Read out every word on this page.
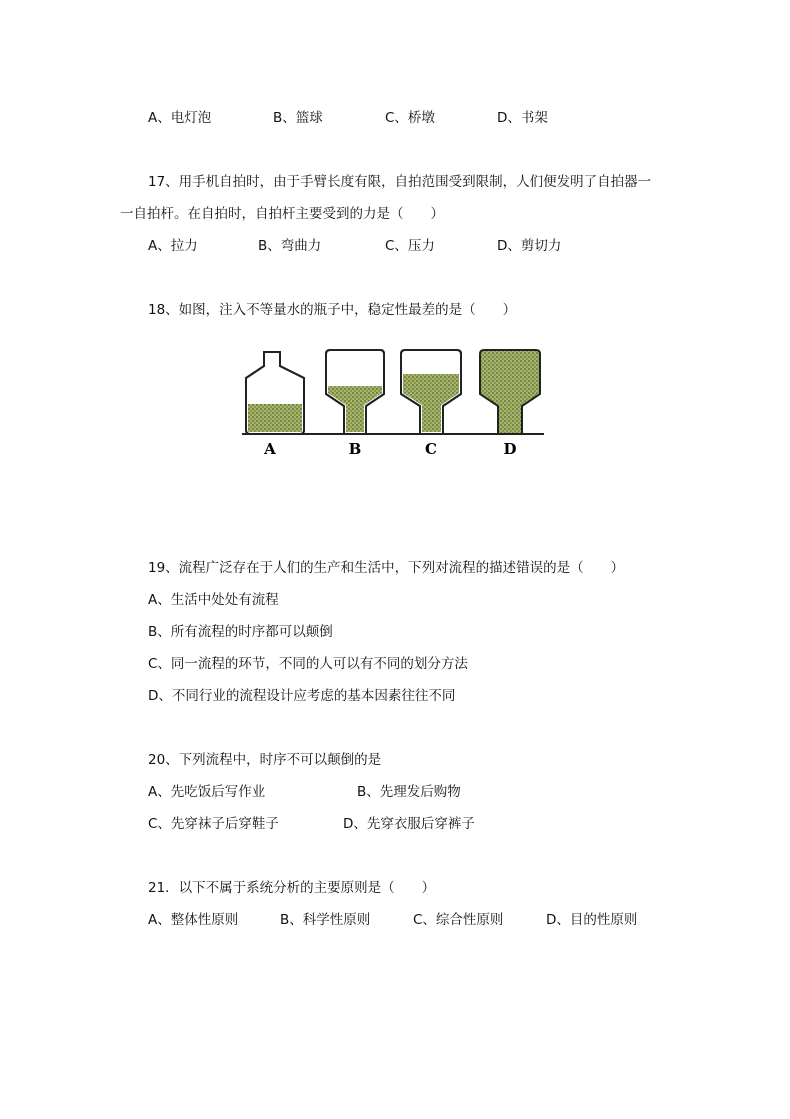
A、电灯泡	B、篮球	C、桥墩	D、书架
17、用手机自拍时，由于手臂长度有限，自拍范围受到限制，人们便发明了自拍器一
一自拍杆。在自拍时，自拍杆主要受到的力是（　　）
A、拉力	B、弯曲力	C、压力	D、剪切力
18、如图，注入不等量水的瓶子中，稳定性最差的是（　　）
A	B	C	D
19、流程广泛存在于人们的生产和生活中，下列对流程的描述错误的是（　　）
A、生活中处处有流程
B、所有流程的时序都可以颠倒
C、同一流程的环节，不同的人可以有不同的划分方法
D、不同行业的流程设计应考虑的基本因素往往不同
20、下列流程中，时序不可以颠倒的是
A、先吃饭后写作业	B、先理发后购物
C、先穿袜子后穿鞋子	D、先穿衣服后穿裤子
21．以下不属于系统分析的主要原则是（　　）
A、整体性原则	B、科学性原则	C、综合性原则	D、目的性原则
